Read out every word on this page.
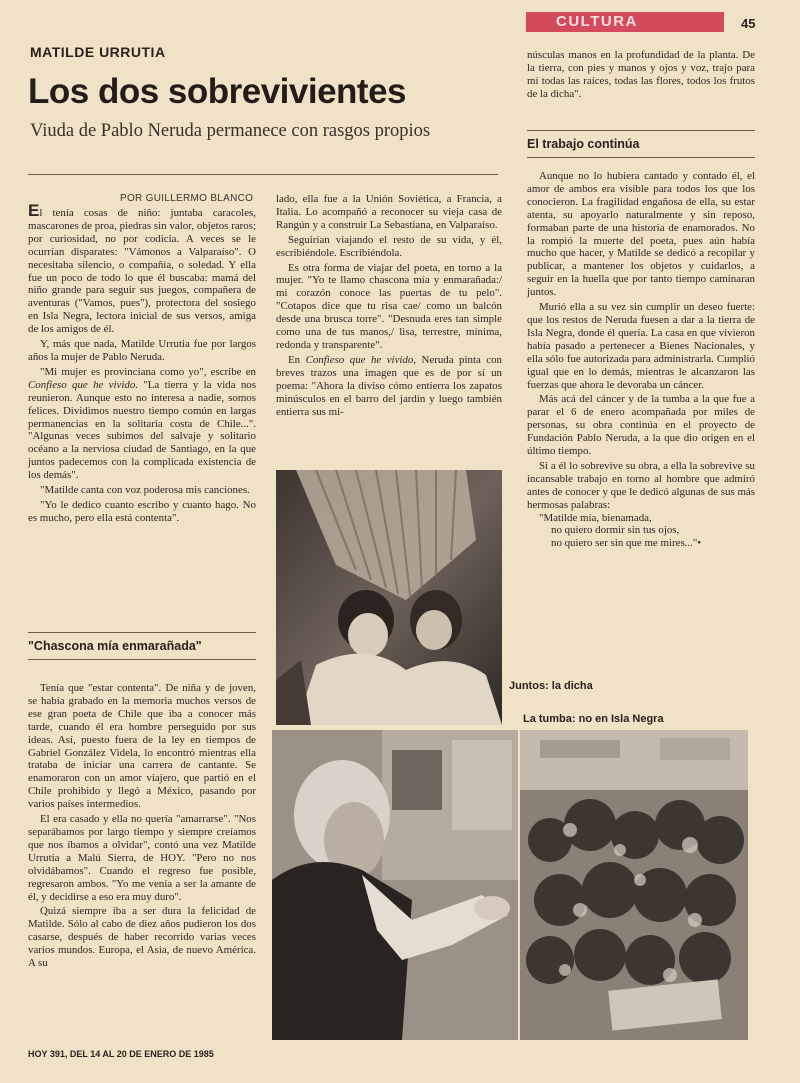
CULTURA	45
MATILDE URRUTIA
Los dos sobrevivientes
Viuda de Pablo Neruda permanece con rasgos propios
POR GUILLERMO BLANCO

El tenía cosas de niño: juntaba caracoles, mascarones de proa, piedras sin valor, objetos raros; por curiosidad, no por codicia. A veces se le ocurrían disparates: "Vámonos a Valparaíso". O necesitaba silencio, o compañía, o soledad. Y ella fue un poco de todo lo que él buscaba: mamá del niño grande para seguir sus juegos, compañera de aventuras ("Vamos, pues"), protectora del sosiego en Isla Negra, lectora inicial de sus versos, amiga de los amigos de él.

Y, más que nada, Matilde Urrutia fue por largos años la mujer de Pablo Neruda.

"Mi mujer es provinciana como yo", escribe en Confieso que he vivido. "La tierra y la vida nos reunieron. Aunque esto no interesa a nadie, somos felices. Dividimos nuestro tiempo común en largas permanencias en la solitaria costa de Chile...". "Algunas veces subimos del salvaje y solitario océano a la nerviosa ciudad de Santiago, en la que juntos padecemos con la complicada existencia de los demás".

"Matilde canta con voz poderosa mis canciones.

"Yo le dedico cuanto escribo y cuanto hago. No es mucho, pero ella está contenta".

"Chascona mía enmarañada"

Tenía que "estar contenta". De niña y de joven, se había grabado en la memoria muchos versos de ese gran poeta de Chile que iba a conocer más tarde, cuando él era hombre perseguido por sus ideas. Así, puesto fuera de la ley en tiempos de Gabriel González Videla, lo encontró mientras ella trataba de iniciar una carrera de cantante. Se enamoraron con un amor viajero, que partió en el Chile prohibido y llegó a México, pasando por varios países intermedios.

El era casado y ella no quería "amarrarse". "Nos separábamos por largo tiempo y siempre creíamos que nos íbamos a olvidar", contó una vez Matilde Urrutia a Malú Sierra, de HOY. "Pero no nos olvidábamos". Cuando el regreso fue posible, regresaron ambos. "Yo me venía a ser la amante de él, y decidirse a eso era muy duro".

Quizá siempre iba a ser dura la felicidad de Matilde. Sólo al cabo de diez años pudieron los dos casarse, después de haber recorrido varias veces varios mundos. Europa, el Asia, de nuevo América. A su

lado, ella fue a la Unión Soviética, a Francia, a Italia. Lo acompañó a reconocer su vieja casa de Rangún y a construir La Sebastiana, en Valparaíso.

Seguirían viajando el resto de su vida, y él, escribiéndole. Escribiéndola.

Es otra forma de viajar del poeta, en torno a la mujer. "Yo te llamo chascona mía y enmarañada:/ mi corazón conoce las puertas de tu pelo". "Cotapos dice que tu risa cae/ como un balcón desde una brusca torre". "Desnuda eres tan simple como una de tus manos,/ lisa, terrestre, mínima, redonda y transparente".

En Confieso que he vivido, Neruda pinta con breves trazos una imagen que es de por sí un poema: "Ahora la diviso cómo entierra los zapatos minúsculos en el barro del jardín y luego también entierra sus mi-

núsculas manos en la profundidad de la planta. De la tierra, con pies y manos y ojos y voz, trajo para mí todas las raíces, todas las flores, todos los frutos de la dicha".

El trabajo continúa

Aunque no lo hubiera cantado y contado él, el amor de ambos era visible para todos los que los conocieron. La fragilidad engañosa de ella, su estar atenta, su apoyarlo naturalmente y sin reposo, formaban parte de una historia de enamorados. No la rompió la muerte del poeta, pues aún había mucho que hacer, y Matilde se dedicó a recopilar y publicar, a mantener los objetos y cuidarlos, a seguir en la huella que por tanto tiempo caminaran juntos.

Murió ella a su vez sin cumplir un deseo fuerte: que los restos de Neruda fuesen a dar a la tierra de Isla Negra, donde él quería. La casa en que vivieron había pasado a pertenecer a Bienes Nacionales, y ella sólo fue autorizada para administrarla. Cumplió igual que en lo demás, mientras le alcanzaron las fuerzas que ahora le devoraba un cáncer.

Más acá del cáncer y de la tumba a la que fue a parar el 6 de enero acompañada por miles de personas, su obra continúa en el proyecto de Fundación Pablo Neruda, a la que dio origen en el último tiempo.

Si a él lo sobrevive su obra, a ella la sobrevive su incansable trabajo en torno al hombre que admiró antes de conocer y que le dedicó algunas de sus más hermosas palabras:

"Matilde mía, bienamada,
no quiero dormir sin tus ojos,
no quiero ser sin que me mires..."•
Juntos: la dicha
La tumba: no en Isla Negra
HOY 391, DEL 14 AL 20 DE ENERO DE 1985
